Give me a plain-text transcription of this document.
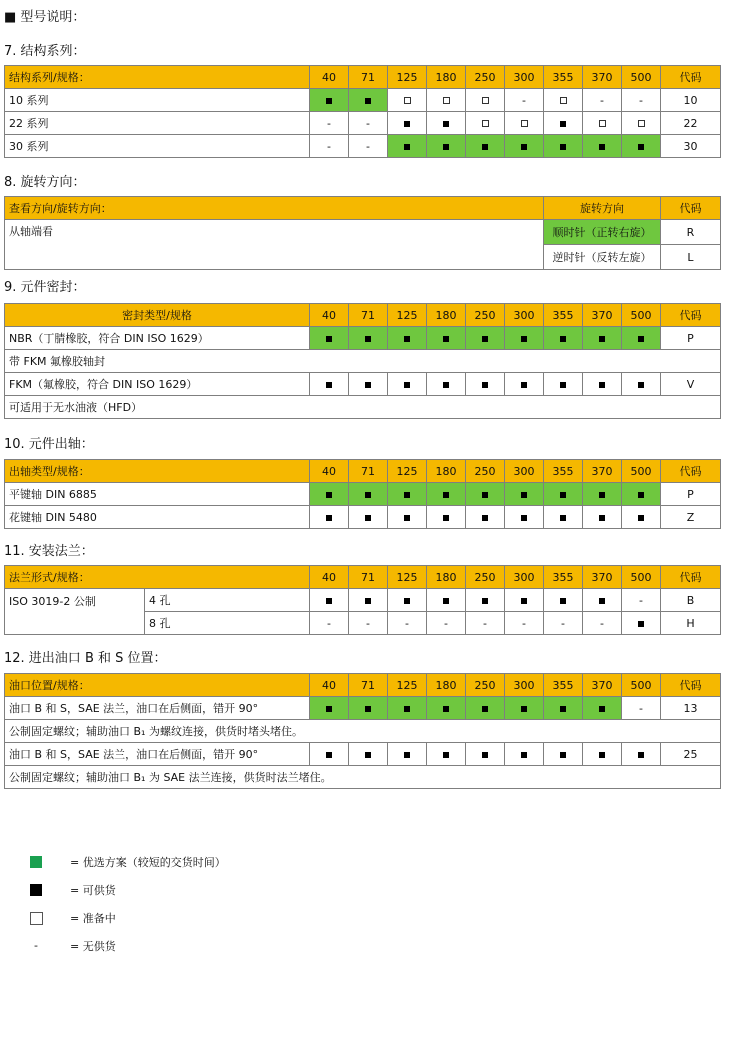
■ 型号说明：
7. 结构系列：
结构系列/规格：	40	71	125	180	250	300	355	370	500	代码
10 系列						-		-	-	10
22 系列	-	-								22
30 系列	-	-								30
8. 旋转方向：
查看方向/旋转方向：	旋转方向	代码
从轴端看	顺时针（正转右旋）	R
	逆时针（反转左旋）	L
9. 元件密封：
密封类型/规格	40	71	125	180	250	300	355	370	500	代码
NBR（丁腈橡胶，符合 DIN ISO 1629）										P
带 FKM 氟橡胶轴封										
FKM（氟橡胶，符合 DIN ISO 1629）										V
可适用于无水油液（HFD）										
10. 元件出轴：
出轴类型/规格：	40	71	125	180	250	300	355	370	500	代码
平键轴 DIN 6885										P
花键轴 DIN 5480										Z
11. 安装法兰：
法兰形式/规格：		40	71	125	180	250	300	355	370	500	代码
ISO 3019-2 公制	4 孔									-	B
	8 孔	-	-	-	-	-	-	-	-		H
12. 进出油口 B 和 S 位置：
油口位置/规格：	40	71	125	180	250	300	355	370	500	代码
油口 B 和 S，SAE 法兰，油口在后侧面，错开 90°									-	13
公制固定螺纹；辅助油口 B₁ 为螺纹连接，供货时堵头堵住。										
油口 B 和 S，SAE 法兰，油口在后侧面，错开 90°										25
公制固定螺纹；辅助油口 B₁ 为 SAE 法兰连接，供货时法兰堵住。										
= 优选方案（较短的交货时间）
= 可供货
= 准备中
-	= 无供货
